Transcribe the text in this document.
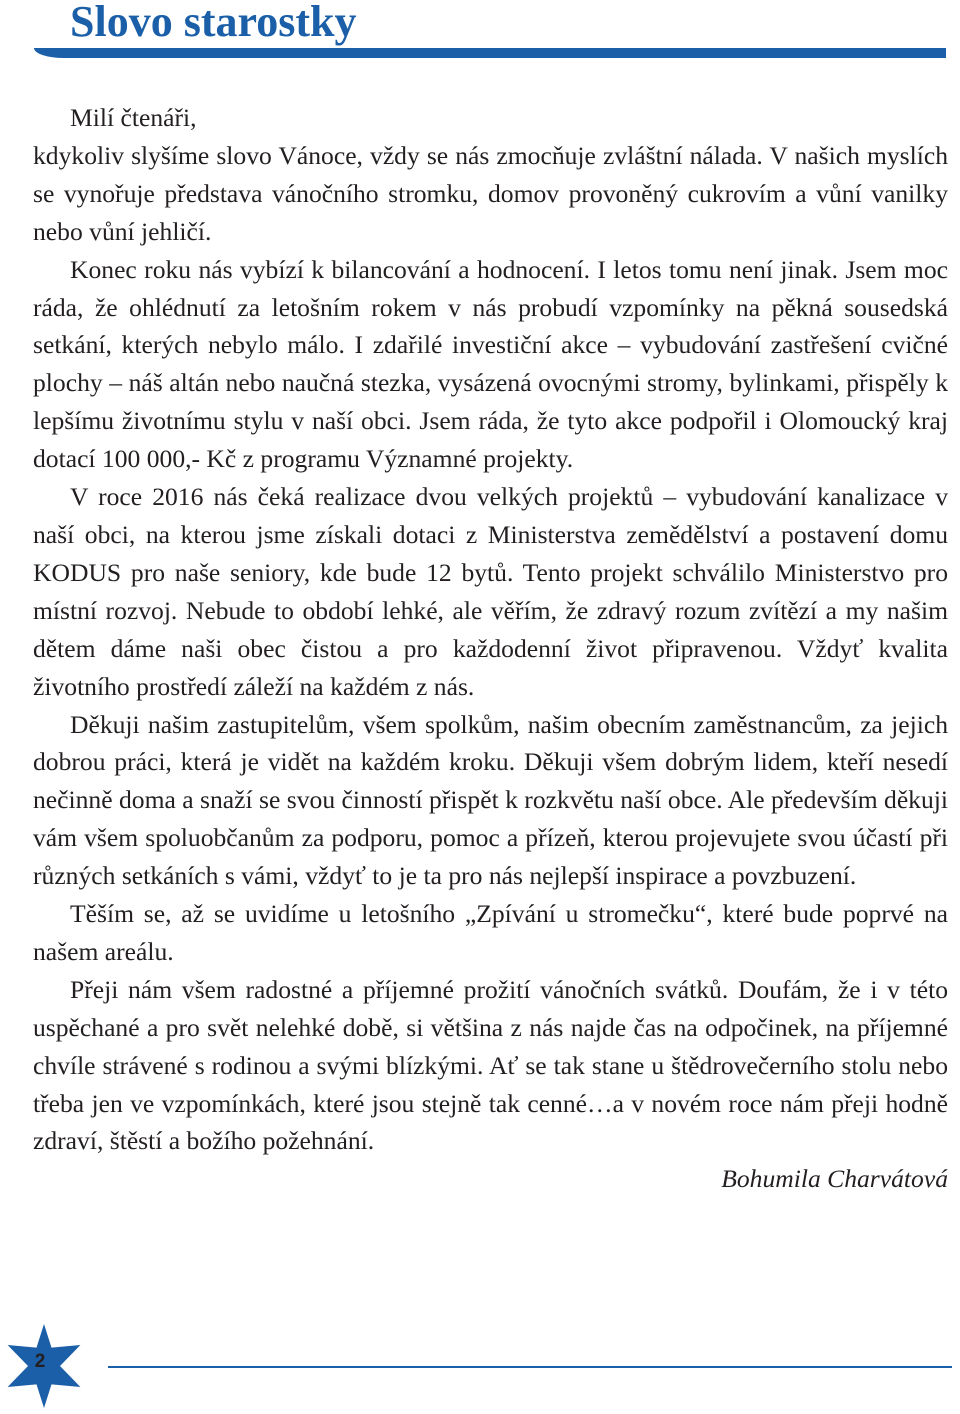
Slovo starostky

Milí čtenáři,

kdykoliv slyšíme slovo Vánoce, vždy se nás zmocňuje zvláštní nálada. V našich myslích se vynořuje představa vánočního stromku, domov provoněný cukrovím a vůní vanilky nebo vůní jehličí.

Konec roku nás vybízí k bilancování a hodnocení. I letos tomu není jinak. Jsem moc ráda, že ohlédnutí za letošním rokem v nás probudí vzpomínky na pěkná sousedská setkání, kterých nebylo málo. I zdařilé investiční akce – vybudování zastřešení cvičné plochy – náš altán nebo naučná stezka, vysázená ovocnými stromy, bylinkami, přispěly k lepšímu životnímu stylu v naší obci. Jsem ráda, že tyto akce podpořil i Olomoucký kraj dotací 100 000,- Kč z programu Významné projekty.

V roce 2016 nás čeká realizace dvou velkých projektů – vybudování kanalizace v naší obci, na kterou jsme získali dotaci z Ministerstva zemědělství a postavení domu KODUS pro naše seniory, kde bude 12 bytů. Tento projekt schválilo Ministerstvo pro místní rozvoj. Nebude to období lehké, ale věřím, že zdravý rozum zvítězí a my našim dětem dáme naši obec čistou a pro každodenní život připravenou. Vždyť kvalita životního prostředí záleží na každém z nás.

Děkuji našim zastupitelům, všem spolkům, našim obecním zaměstnancům, za jejich dobrou práci, která je vidět na každém kroku. Děkuji všem dobrým lidem, kteří nesedí nečinně doma a snaží se svou činností přispět k rozkvětu naší obce. Ale především děkuji vám všem spoluobčanům za podporu, pomoc a přízeň, kterou projevujete svou účastí při různých setkáních s vámi, vždyť to je ta pro nás nejlepší inspirace a povzbuzení.

Těším se, až se uvidíme u letošního „Zpívání u stromečku“, které bude poprvé na našem areálu.

Přeji nám všem radostné a příjemné prožití vánočních svátků. Doufám, že i v této uspěchané a pro svět nelehké době, si většina z nás najde čas na odpočinek, na příjemné chvíle strávené s rodinou a svými blízkými. Ať se tak stane u štědrovečerního stolu nebo třeba jen ve vzpomínkách, které jsou stejně tak cenné…a v novém roce nám přeji hodně zdraví, štěstí a božího požehnání.

Bohumila Charvátová

2
